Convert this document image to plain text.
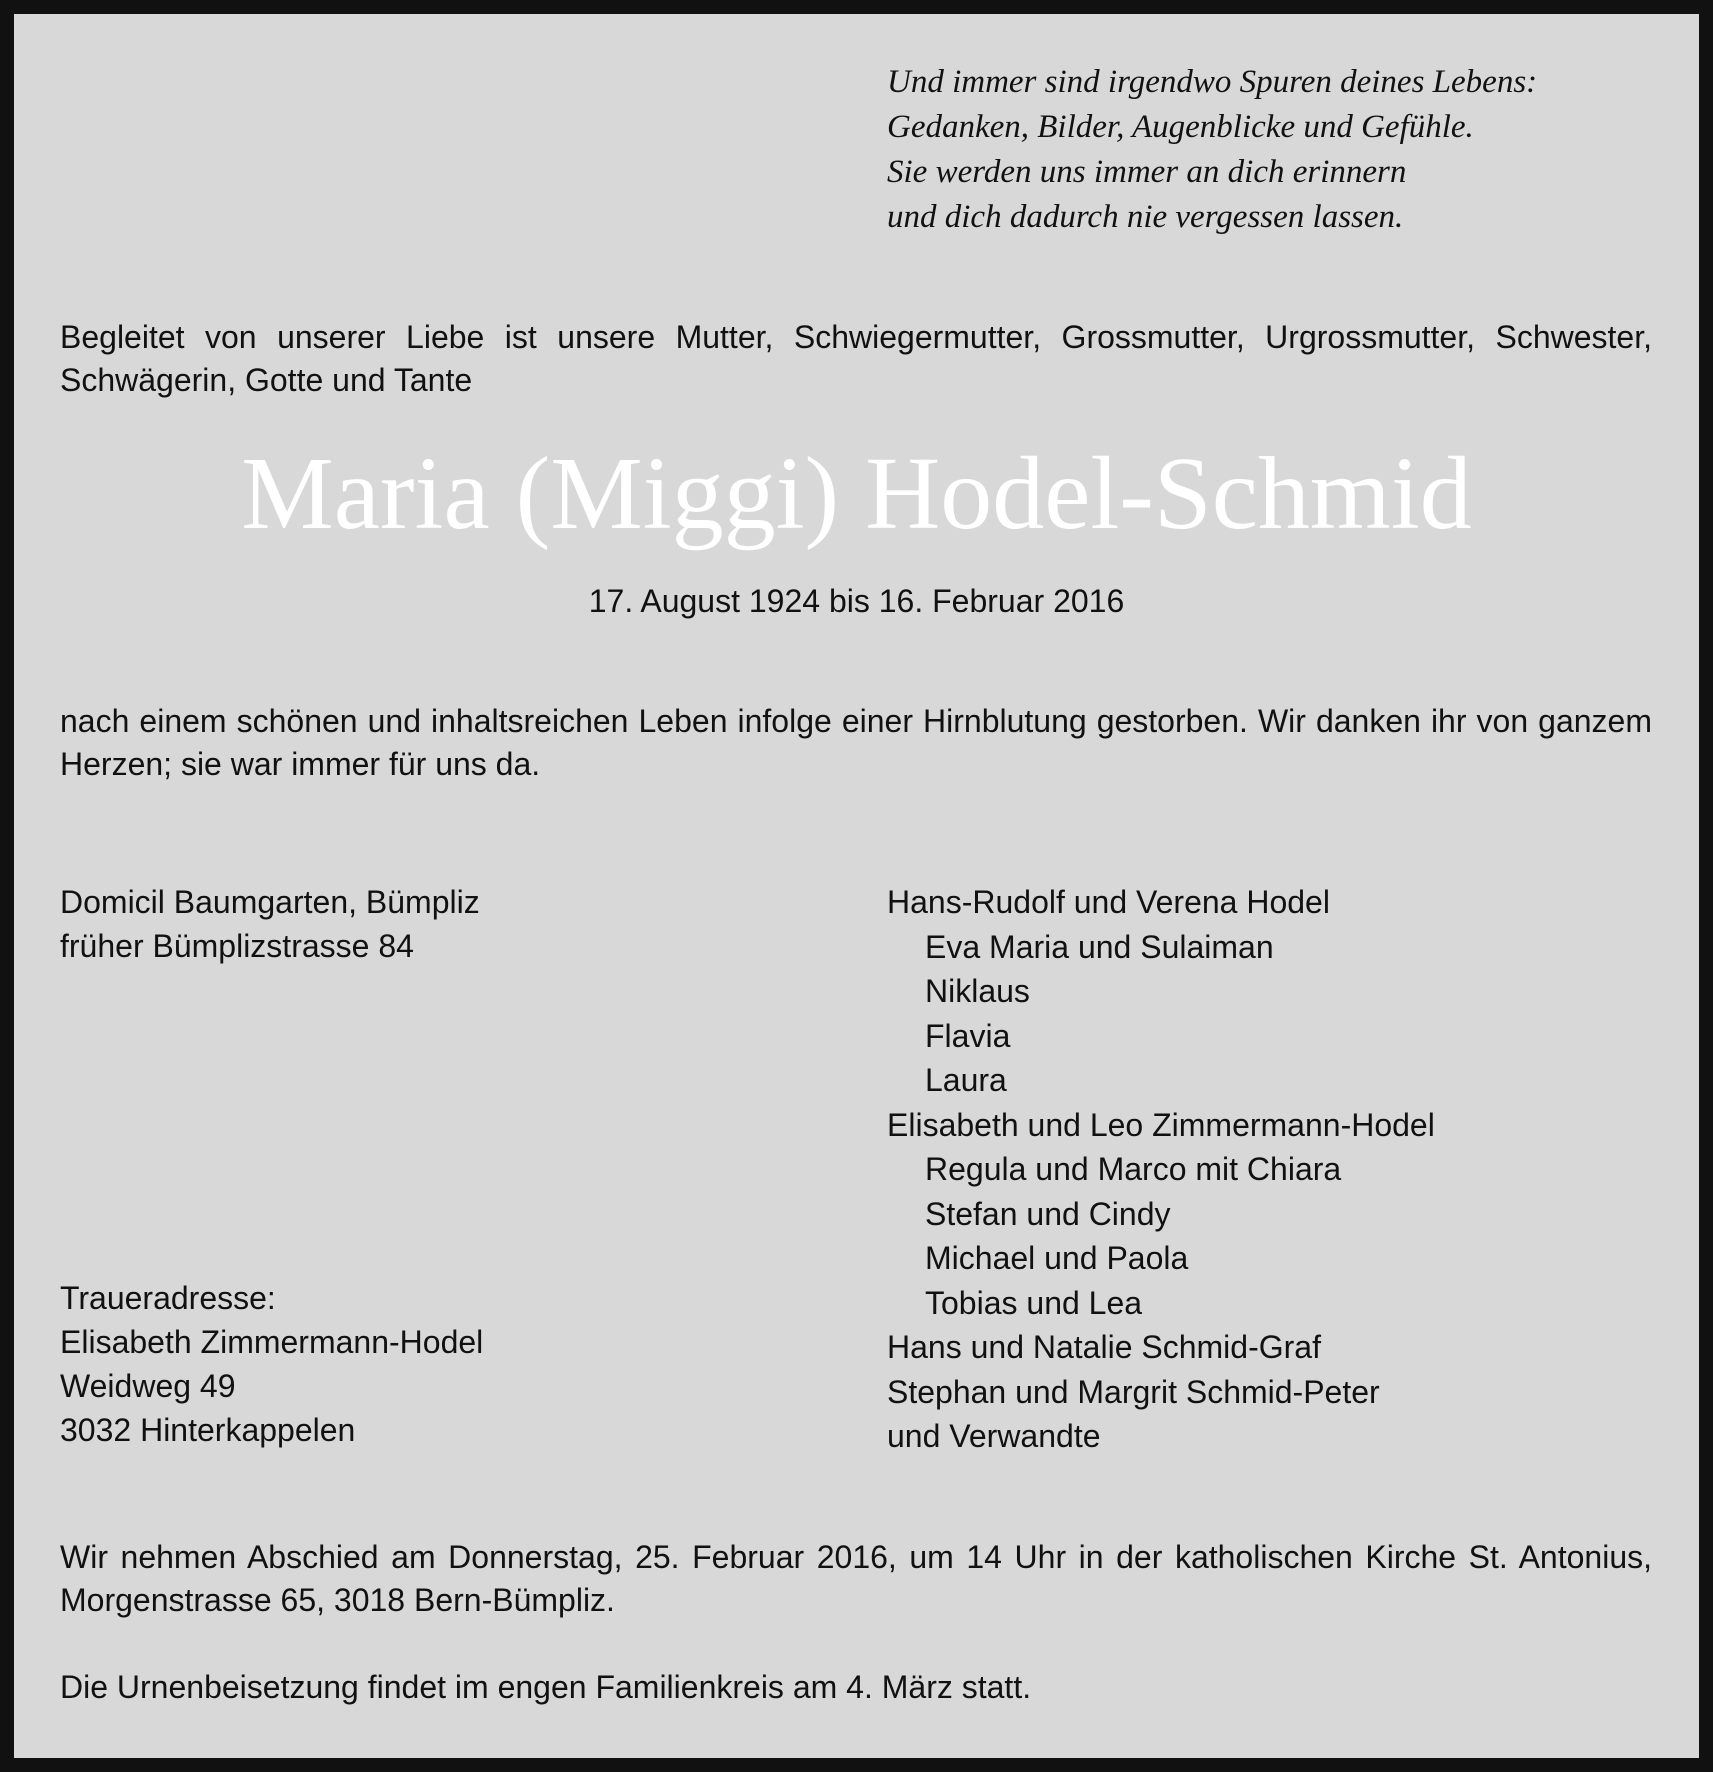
Und immer sind irgendwo Spuren deines Lebens:
Gedanken, Bilder, Augenblicke und Gefühle.
Sie werden uns immer an dich erinnern
und dich dadurch nie vergessen lassen.
Begleitet von unserer Liebe ist unsere Mutter, Schwiegermutter, Grossmutter, Urgrossmutter, Schwester, Schwägerin, Gotte und Tante
Maria (Miggi) Hodel-Schmid
17. August 1924 bis 16. Februar 2016
nach einem schönen und inhaltsreichen Leben infolge einer Hirnblutung gestorben. Wir danken ihr von ganzem Herzen; sie war immer für uns da.
Domicil Baumgarten, Bümpliz
früher Bümplizstrasse 84
Traueradresse:
Elisabeth Zimmermann-Hodel
Weidweg 49
3032 Hinterkappelen
Hans-Rudolf und Verena Hodel
Eva Maria und Sulaiman
Niklaus
Flavia
Laura
Elisabeth und Leo Zimmermann-Hodel
Regula und Marco mit Chiara
Stefan und Cindy
Michael und Paola
Tobias und Lea
Hans und Natalie Schmid-Graf
Stephan und Margrit Schmid-Peter
und Verwandte
Wir nehmen Abschied am Donnerstag, 25. Februar 2016, um 14 Uhr in der katholischen Kirche St. Antonius, Morgenstrasse 65, 3018 Bern-Bümpliz.
Die Urnenbeisetzung findet im engen Familienkreis am 4. März statt.
